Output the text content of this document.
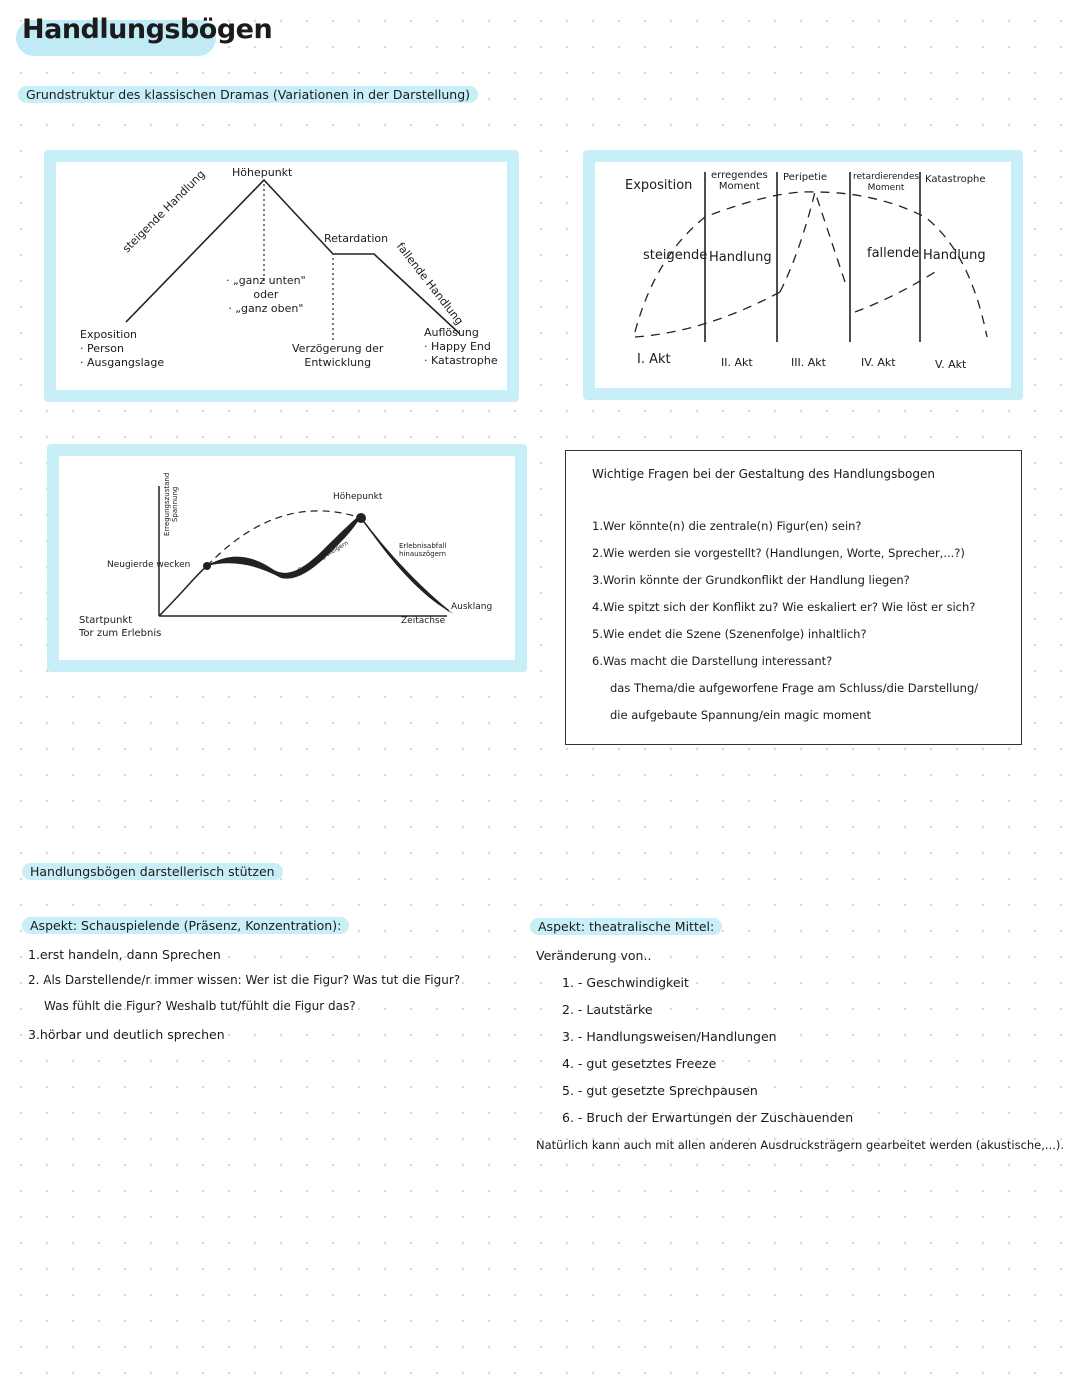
Handlungsbögen
Grundstruktur des klassischen Dramas (Variationen in der Darstellung)
Höhepunkt
steigende Handlung	Retardation
fallende Handlung
· „ganz unten"
oder
· „ganz oben"
Exposition
· Person
· Ausgangslage
Verzögerung der
Entwicklung
Auflösung
· Happy End
· Katastrophe
Exposition
erregendes
Moment
Peripetie	retardierendes
Moment
Katastrophe
steigende Handlung	fallende Handlung
I. Akt	II. Akt	III. Akt	IV. Akt	V. Akt
Erregungszustand Spannung	Höhepunkt
Neugierde wecken	Spannung steigern	Erlebnisabfall
hinauszögern
Ausklang
Zeitachse
Startpunkt
Tor zum Erlebnis
Wichtige Fragen bei der Gestaltung des Handlungsbogen
1.Wer könnte(n) die zentrale(n) Figur(en) sein?
2.Wie werden sie vorgestellt? (Handlungen, Worte, Sprecher,...?)
3.Worin könnte der Grundkonflikt der Handlung liegen?
4.Wie spitzt sich der Konflikt zu? Wie eskaliert er? Wie löst er sich?
5.Wie endet die Szene (Szenenfolge) inhaltlich?
6.Was macht die Darstellung interessant?
das Thema/die aufgeworfene Frage am Schluss/die Darstellung/
die aufgebaute Spannung/ein magic moment
Handlungsbögen darstellerisch stützen
Aspekt: Schauspielende (Präsenz, Konzentration):
1.erst handeln, dann Sprechen
2. Als Darstellende/r immer wissen: Wer ist die Figur? Was tut die Figur?
Was fühlt die Figur? Weshalb tut/fühlt die Figur das?
3.hörbar und deutlich sprechen
Aspekt: theatralische Mittel:
Veränderung von..
1. - Geschwindigkeit
2. - Lautstärke
3. - Handlungsweisen/Handlungen
4. - gut gesetztes Freeze
5. - gut gesetzte Sprechpausen
6. - Bruch der Erwartungen der Zuschauenden
Natürlich kann auch mit allen anderen Ausdrucksträgern gearbeitet werden (akustische,...).
